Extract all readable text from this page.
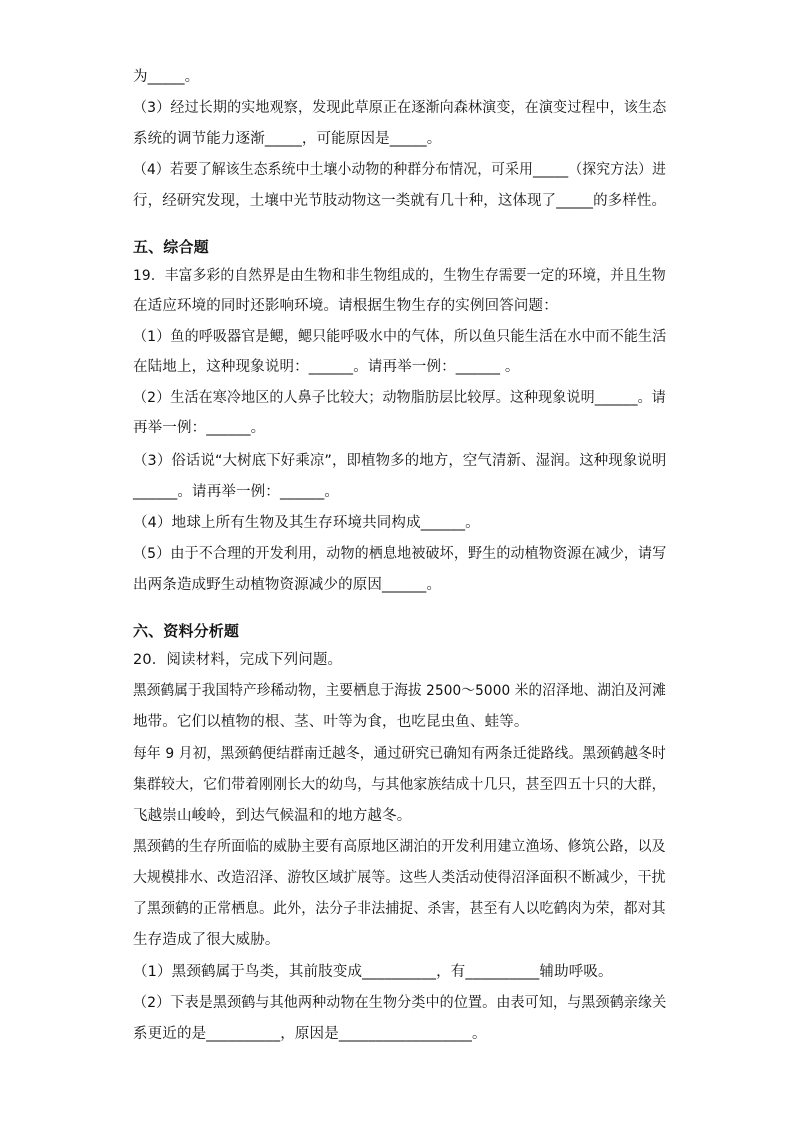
为_____。
（3）经过长期的实地观察，发现此草原正在逐渐向森林演变，在演变过程中，该生态
系统的调节能力逐渐_____，可能原因是_____。
（4）若要了解该生态系统中土壤小动物的种群分布情况，可采用_____（探究方法）进
行，经研究发现，土壤中光节肢动物这一类就有几十种，这体现了_____的多样性。
五、综合题
19．丰富多彩的自然界是由生物和非生物组成的，生物生存需要一定的环境，并且生物
在适应环境的同时还影响环境。请根据生物生存的实例回答问题：
（1）鱼的呼吸器官是鳃，鳃只能呼吸水中的气体，所以鱼只能生活在水中而不能生活
在陆地上，这种现象说明：______。请再举一例：______ 。
（2）生活在寒冷地区的人鼻子比较大；动物脂肪层比较厚。这种现象说明______。请
再举一例：______。
（3）俗话说“大树底下好乘凉”，即植物多的地方，空气清新、湿润。这种现象说明
______。请再举一例：______。
（4）地球上所有生物及其生存环境共同构成______。
（5）由于不合理的开发利用，动物的栖息地被破坏，野生的动植物资源在减少，请写
出两条造成野生动植物资源减少的原因______。
六、资料分析题
20．阅读材料，完成下列问题。
黑颈鹤属于我国特产珍稀动物，主要栖息于海拔 2500～5000 米的沼泽地、湖泊及河滩
地带。它们以植物的根、茎、叶等为食，也吃昆虫鱼、蛙等。
每年 9 月初，黑颈鹤便结群南迁越冬，通过研究已确知有两条迁徙路线。黑颈鹤越冬时
集群较大，它们带着刚刚长大的幼鸟，与其他家族结成十几只，甚至四五十只的大群，
飞越崇山峻岭，到达气候温和的地方越冬。
黑颈鹤的生存所面临的威胁主要有高原地区湖泊的开发利用建立渔场、修筑公路，以及
大规模排水、改造沼泽、游牧区域扩展等。这些人类活动使得沼泽面积不断减少，干扰
了黑颈鹤的正常栖息。此外，法分子非法捕捉、杀害，甚至有人以吃鹤肉为荣，都对其
生存造成了很大威胁。
（1）黑颈鹤属于鸟类，其前肢变成__________，有__________辅助呼吸。
（2）下表是黑颈鹤与其他两种动物在生物分类中的位置。由表可知，与黑颈鹤亲缘关
系更近的是__________，原因是__________________。
